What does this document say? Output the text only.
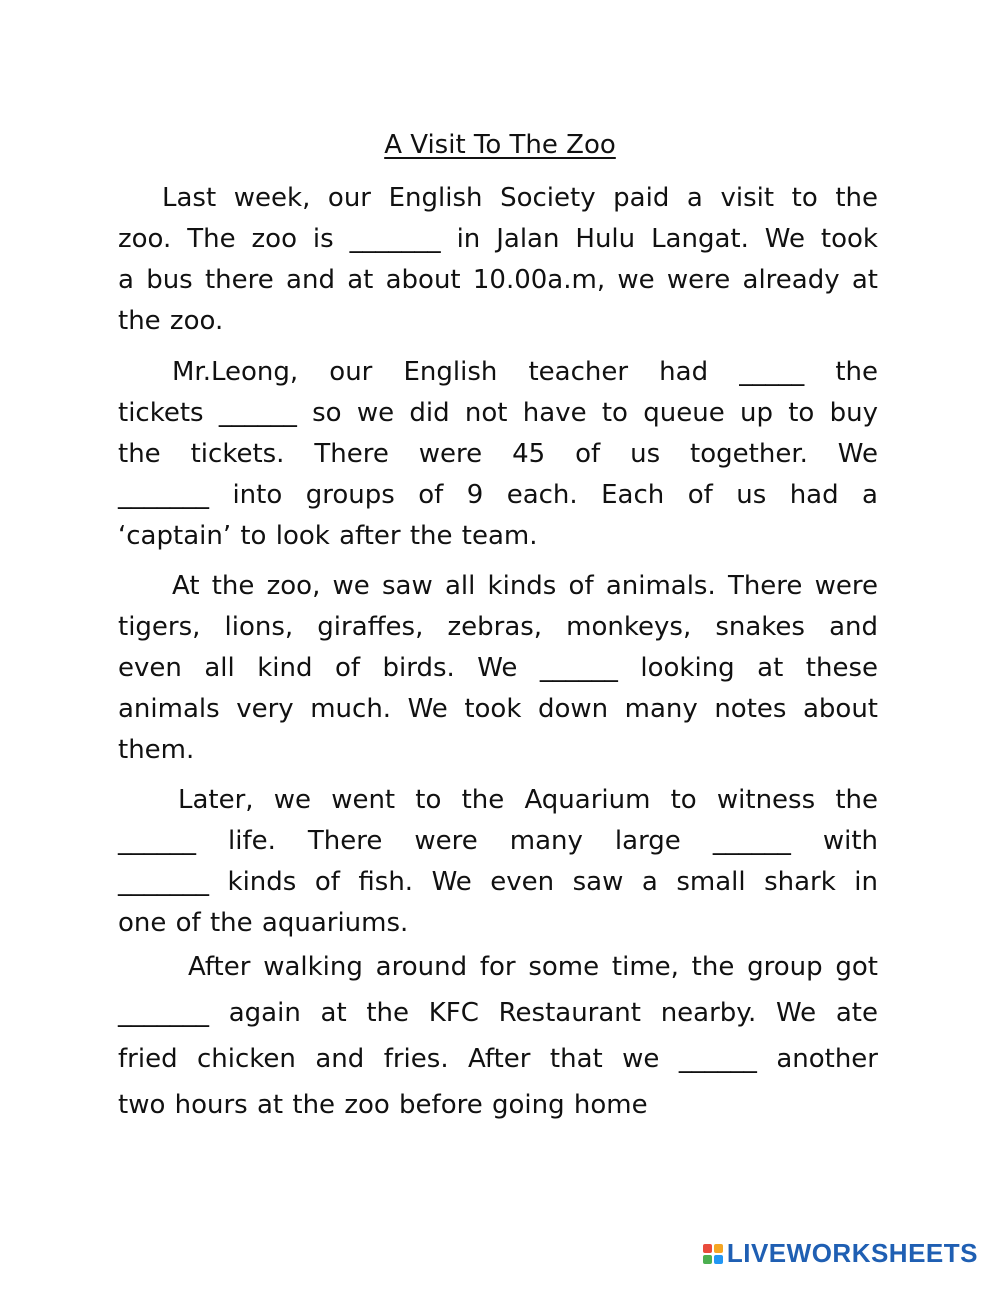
A Visit To The Zoo
Last week, our English Society paid a visit to the
zoo. The zoo is _______ in Jalan Hulu Langat. We took
a bus there and at about 10.00a.m, we were already at
the zoo.
Mr.Leong, our English teacher had _____ the
tickets ______ so we did not have to queue up to buy
the tickets. There were 45 of us together. We
_______ into groups of 9 each. Each of us had a
‘captain’ to look after the team.
At the zoo, we saw all kinds of animals. There were
tigers, lions, giraffes, zebras, monkeys, snakes and
even all kind of birds. We ______ looking at these
animals very much. We took down many notes about
them.
Later, we went to the Aquarium to witness the
______ life. There were many large ______ with
_______ kinds of fish. We even saw a small shark in
one of the aquariums.
After walking around for some time, the group got
_______ again at the KFC Restaurant nearby. We ate
fried chicken and fries. After that we ______ another
two hours at the zoo before going home
LIVEWORKSHEETS
